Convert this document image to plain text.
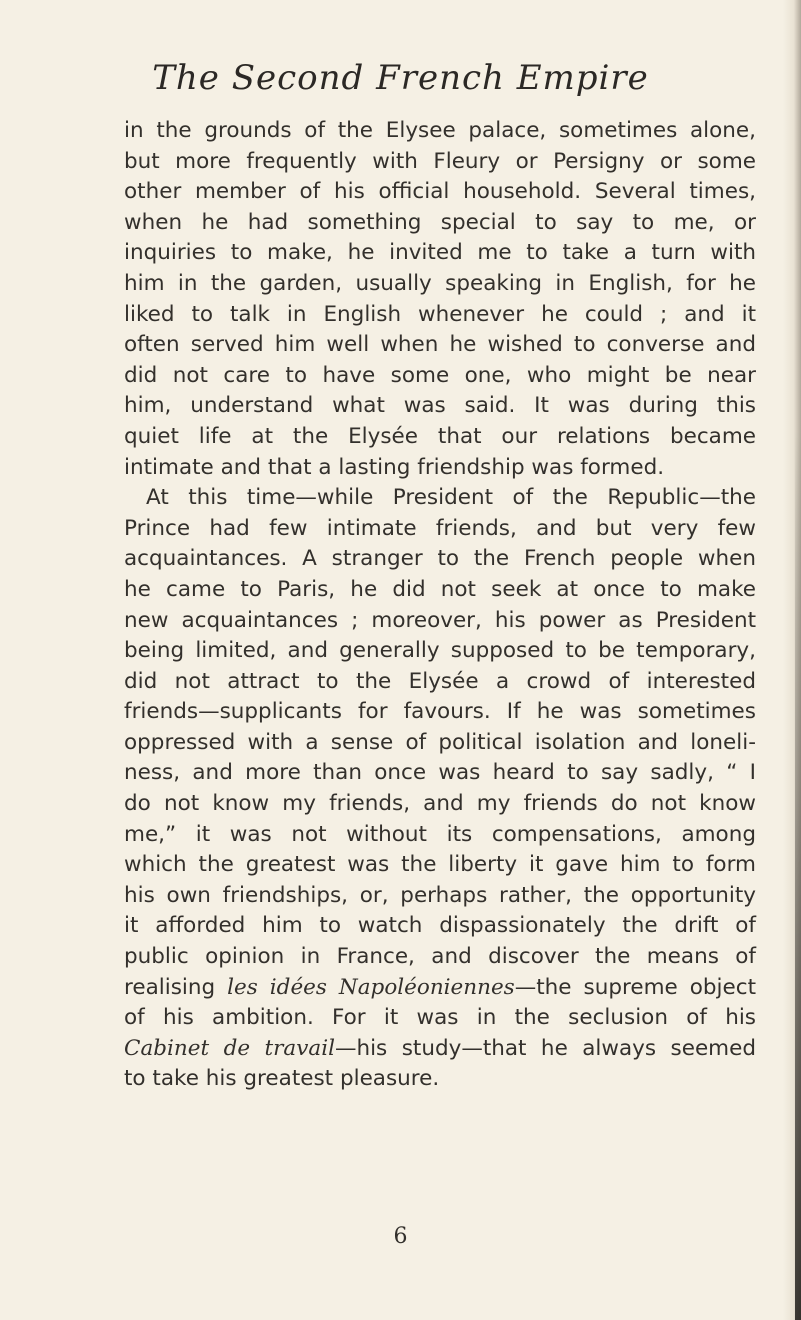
The Second French Empire
in the grounds of the Elysee palace, sometimes alone,
but more frequently with Fleury or Persigny or some
other member of his official household. Several times,
when he had something special to say to me, or
inquiries to make, he invited me to take a turn with
him in the garden, usually speaking in English, for he
liked to talk in English whenever he could ; and it
often served him well when he wished to converse and
did not care to have some one, who might be near
him, understand what was said. It was during this
quiet life at the Elysée that our relations became
intimate and that a lasting friendship was formed.
At this time—while President of the Republic—the
Prince had few intimate friends, and but very few
acquaintances. A stranger to the French people when
he came to Paris, he did not seek at once to make
new acquaintances ; moreover, his power as President
being limited, and generally supposed to be temporary,
did not attract to the Elysée a crowd of interested
friends—supplicants for favours. If he was sometimes
oppressed with a sense of political isolation and loneli-
ness, and more than once was heard to say sadly, “ I
do not know my friends, and my friends do not know
me,” it was not without its compensations, among
which the greatest was the liberty it gave him to form
his own friendships, or, perhaps rather, the opportunity
it afforded him to watch dispassionately the drift of
public opinion in France, and discover the means of
realising les idées Napoléoniennes—the supreme object
of his ambition. For it was in the seclusion of his
Cabinet de travail—his study—that he always seemed
to take his greatest pleasure.
6
